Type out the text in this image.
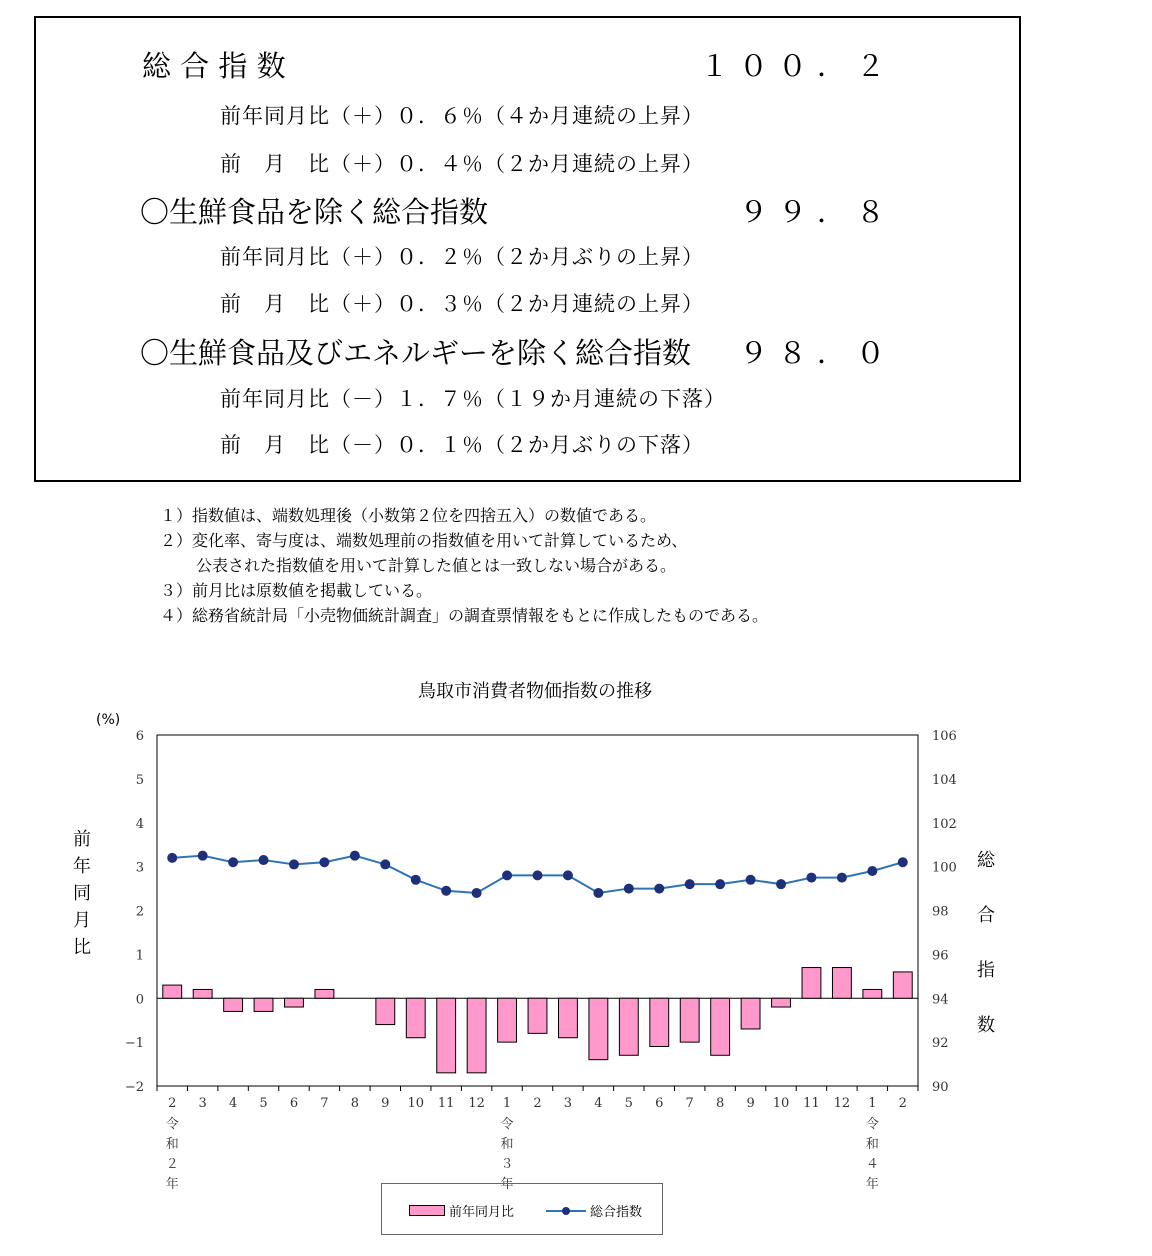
総 合 指 数	１００．２
前年同月比（＋）０．６％（４か月連続の上昇）
前　月　比（＋）０．４％（２か月連続の上昇）
〇生鮮食品を除く総合指数	９９．８
前年同月比（＋）０．２％（２か月ぶりの上昇）
前　月　比（＋）０．３％（２か月連続の上昇）
〇生鮮食品及びエネルギーを除く総合指数 ９８．０
前年同月比（－）１．７％（１９か月連続の下落）
前　月　比（－）０．１％（２か月ぶりの下落）
１）指数値は、端数処理後（小数第２位を四捨五入）の数値である。
２）変化率、寄与度は、端数処理前の指数値を用いて計算しているため、
公表された指数値を用いて計算した値とは一致しない場合がある。
３）前月比は原数値を掲載している。
４）総務省統計局「小売物価統計調査」の調査票情報をもとに作成したものである。
鳥取市消費者物価指数の推移
(%)
前
年
同
月
比
総
合
指
数
6
5
4
3
2
1
0
−1
−2
106
104
102
100
98
96
94
92
90
2 3 4 5 6 7 8 9 10 11 12 1 2 3 4 5 6 7 8 9 10 11 12 1 2
令和２年
令和３年
令和４年
前年同月比	総合指数
